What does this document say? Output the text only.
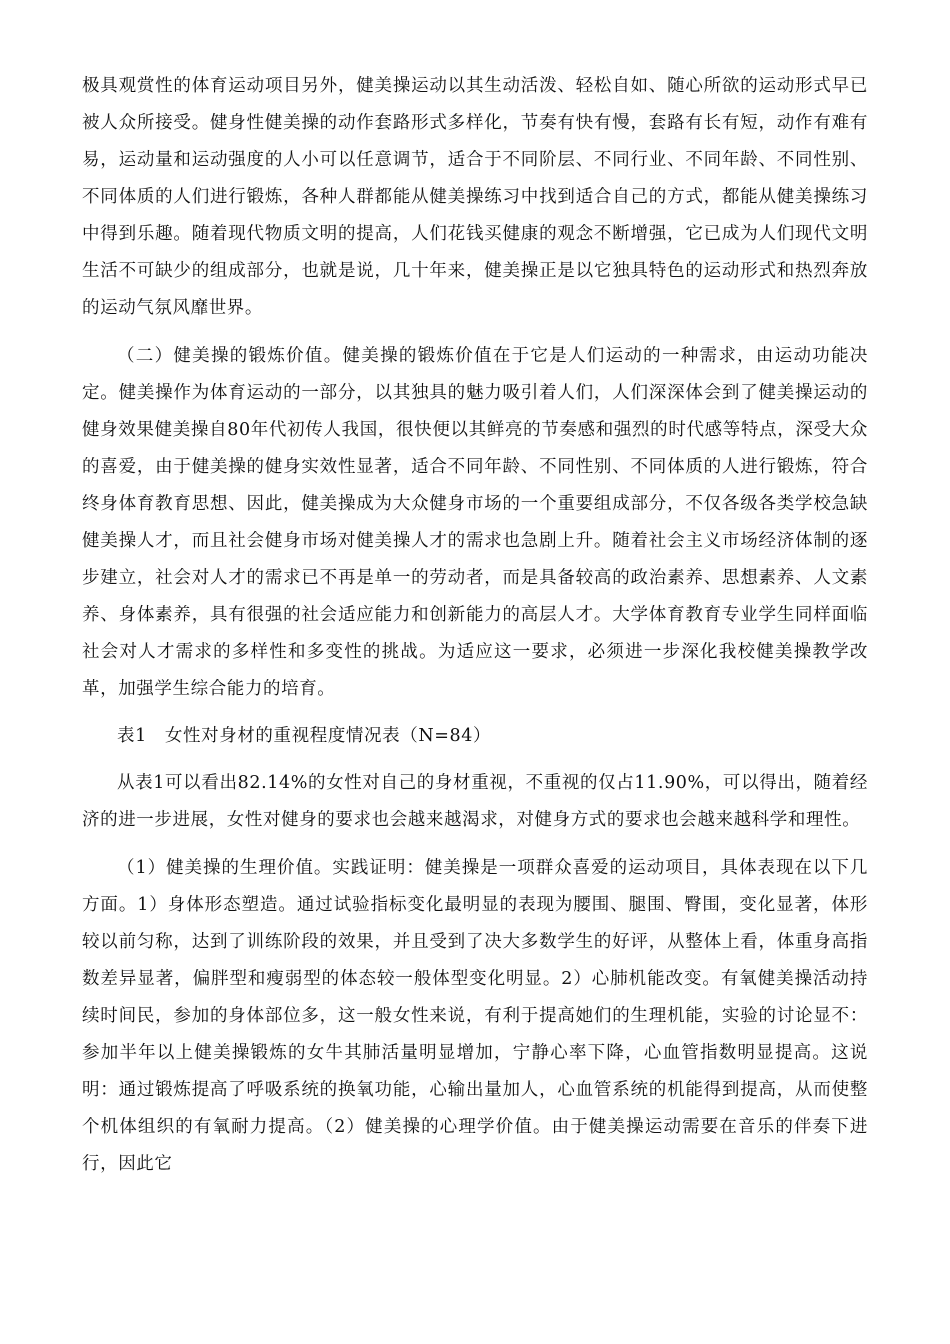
极具观赏性的体育运动项目另外，健美操运动以其生动活泼、轻松自如、随心所欲的运动形式早已被人众所接受。健身性健美操的动作套路形式多样化，节奏有快有慢，套路有长有短，动作有难有易，运动量和运动强度的人小可以任意调节，适合于不同阶层、不同行业、不同年龄、不同性别、不同体质的人们进行锻炼，各种人群都能从健美操练习中找到适合自己的方式，都能从健美操练习中得到乐趣。随着现代物质文明的提高，人们花钱买健康的观念不断增强，它已成为人们现代文明生活不可缺少的组成部分，也就是说，几十年来，健美操正是以它独具特色的运动形式和热烈奔放的运动气氛风靡世界。

（二）健美操的锻炼价值。健美操的锻炼价值在于它是人们运动的一种需求，由运动功能决定。健美操作为体育运动的一部分，以其独具的魅力吸引着人们，人们深深体会到了健美操运动的健身效果健美操自80年代初传人我国，很快便以其鲜亮的节奏感和强烈的时代感等特点，深受大众的喜爱，由于健美操的健身实效性显著，适合不同年龄、不同性别、不同体质的人进行锻炼，符合终身体育教育思想、因此，健美操成为大众健身市场的一个重要组成部分，不仅各级各类学校急缺健美操人才，而且社会健身市场对健美操人才的需求也急剧上升。随着社会主义市场经济体制的逐步建立，社会对人才的需求已不再是单一的劳动者，而是具备较高的政治素养、思想素养、人文素养、身体素养，具有很强的社会适应能力和创新能力的高层人才。大学体育教育专业学生同样面临社会对人才需求的多样性和多变性的挑战。为适应这一要求，必须进一步深化我校健美操教学改革，加强学生综合能力的培育。

表1　女性对身材的重视程度情况表（N=84）

从表1可以看出82.14%的女性对自己的身材重视，不重视的仅占11.90%，可以得出，随着经济的进一步进展，女性对健身的要求也会越来越渴求，对健身方式的要求也会越来越科学和理性。

（1）健美操的生理价值。实践证明：健美操是一项群众喜爱的运动项目，具体表现在以下几方面。1）身体形态塑造。通过试验指标变化最明显的表现为腰围、腿围、臀围，变化显著，体形较以前匀称，达到了训练阶段的效果，并且受到了决大多数学生的好评，从整体上看，体重身高指数差异显著，偏胖型和瘦弱型的体态较一般体型变化明显。2）心肺机能改变。有氧健美操活动持续时间民，参加的身体部位多，这一般女性来说，有利于提高她们的生理机能，实验的讨论显不：参加半年以上健美操锻炼的女牛其肺活量明显增加，宁静心率下降，心血管指数明显提高。这说明：通过锻炼提高了呼吸系统的换氧功能，心输出量加人，心血管系统的机能得到提高，从而使整个机体组织的有氧耐力提高。（2）健美操的心理学价值。由于健美操运动需要在音乐的伴奏下进行，因此它
